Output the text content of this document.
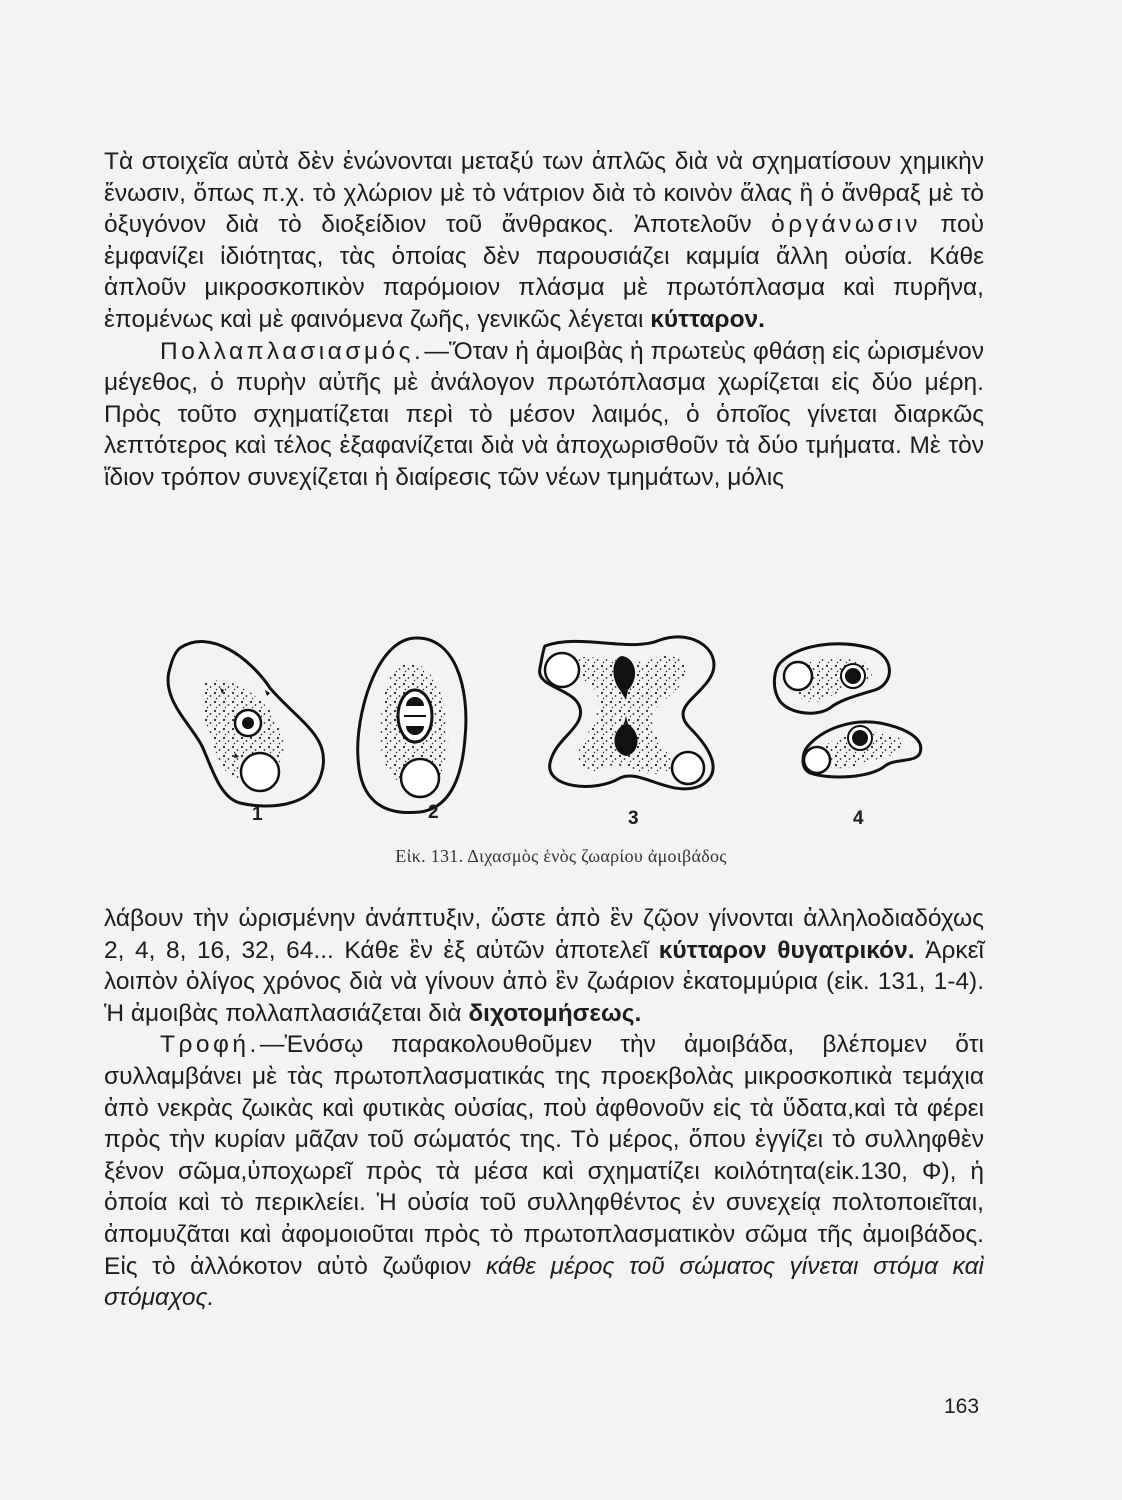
Τὰ στοιχεῖα αὐτὰ δὲν ἑνώνονται μεταξύ των ἁπλῶς διὰ νὰ σχηματίσουν χημικὴν ἕνωσιν, ὅπως π.χ. τὸ χλώριον μὲ τὸ νάτριον διὰ τὸ κοινὸν ἅλας ἢ ὁ ἄνθραξ μὲ τὸ ὀξυγόνον διὰ τὸ διοξείδιον τοῦ ἄνθρακος. Ἀποτελοῦν ὀργάνωσιν ποὺ ἐμφανίζει ἰδιότητας, τὰς ὁποίας δὲν παρουσιάζει καμμία ἄλλη οὐσία. Κάθε ἁπλοῦν μικροσκοπικὸν παρόμοιον πλάσμα μὲ πρωτόπλασμα καὶ πυρῆνα, ἑπομένως καὶ μὲ φαινόμενα ζωῆς, γενικῶς λέγεται κύτταρον.

Πολλαπλασιασμός.—Ὅταν ἡ ἀμοιβὰς ἡ πρωτεὺς φθάσῃ εἰς ὡρισμένον μέγεθος, ὁ πυρὴν αὐτῆς μὲ ἀνάλογον πρωτόπλασμα χωρίζεται εἰς δύο μέρη. Πρὸς τοῦτο σχηματίζεται περὶ τὸ μέσον λαιμός, ὁ ὁποῖος γίνεται διαρκῶς λεπτότερος καὶ τέλος ἐξαφανίζεται διὰ νὰ ἀποχωρισθοῦν τὰ δύο τμήματα. Μὲ τὸν ἴδιον τρόπον συνεχίζεται ἡ διαίρεσις τῶν νέων τμημάτων, μόλις

1	2	3	4
Εἰκ. 131. Διχασμὸς ἑνὸς ζωαρίου ἀμοιβάδος

λάβουν τὴν ὡρισμένην ἀνάπτυξιν, ὥστε ἀπὸ ἓν ζῷον γίνονται ἀλληλοδιαδόχως 2, 4, 8, 16, 32, 64... Κάθε ἓν ἐξ αὐτῶν ἀποτελεῖ κύτταρον θυγατρικόν. Ἀρκεῖ λοιπὸν ὀλίγος χρόνος διὰ νὰ γίνουν ἀπὸ ἓν ζωάριον ἑκατομμύρια (εἰκ. 131, 1-4). Ἡ ἀμοιβὰς πολλαπλασιάζεται διὰ διχοτομήσεως.

Τροφή.—Ἐνόσῳ παρακολουθοῦμεν τὴν ἀμοιβάδα, βλέπομεν ὅτι συλλαμβάνει μὲ τὰς πρωτοπλασματικάς της προεκβολὰς μικροσκοπικὰ τεμάχια ἀπὸ νεκρὰς ζωικὰς καὶ φυτικὰς οὐσίας, ποὺ ἀφθονοῦν εἰς τὰ ὕδατα,καὶ τὰ φέρει πρὸς τὴν κυρίαν μᾶζαν τοῦ σώματός της. Τὸ μέρος, ὅπου ἐγγίζει τὸ συλληφθὲν ξένον σῶμα,ὑποχωρεῖ πρὸς τὰ μέσα καὶ σχηματίζει κοιλότητα(εἰκ.130, Φ), ἡ ὁποία καὶ τὸ περικλείει. Ἡ οὐσία τοῦ συλληφθέντος ἐν συνεχείᾳ πολτοποιεῖται, ἀπομυζᾶται καὶ ἀφομοιοῦται πρὸς τὸ πρωτοπλασματικὸν σῶμα τῆς ἀμοιβάδος. Εἰς τὸ ἀλλόκοτον αὐτὸ ζωΰφιον κάθε μέρος τοῦ σώματος γίνεται στόμα καὶ στόμαχος.

163
